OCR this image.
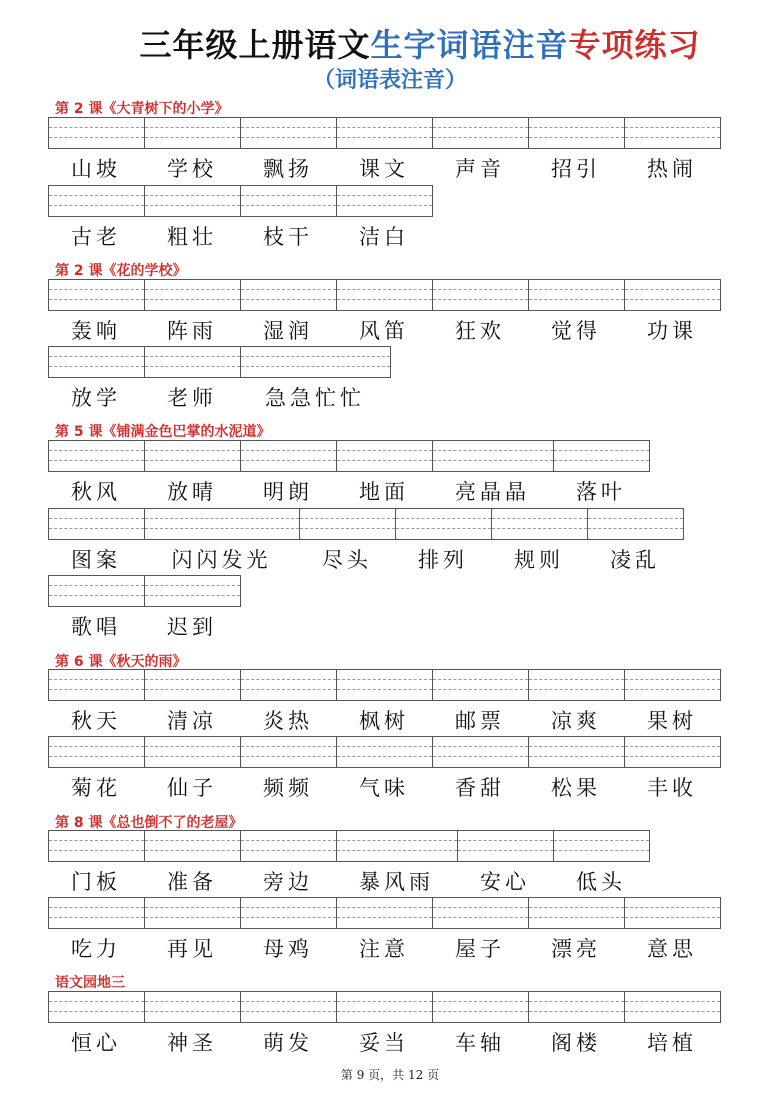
三年级上册语文生字词语注音专项练习
（词语表注音）
第 2 课《大青树下的小学》
山坡	学校	飘扬	课文	声音	招引	热闹
古老	粗壮	枝干	洁白
第 2 课《花的学校》
轰响	阵雨	湿润	风笛	狂欢	觉得	功课
放学	老师	急急忙忙
第 5 课《铺满金色巴掌的水泥道》
秋风	放晴	明朗	地面	亮晶晶	落叶
图案	闪闪发光	尽头	排列	规则	凌乱
歌唱	迟到
第 6 课《秋天的雨》
秋天	清凉	炎热	枫树	邮票	凉爽	果树
菊花	仙子	频频	气味	香甜	松果	丰收
第 8 课《总也倒不了的老屋》
门板	准备	旁边	暴风雨	安心	低头
吃力	再见	母鸡	注意	屋子	漂亮	意思
语文园地三
恒心	神圣	萌发	妥当	车轴	阁楼	培植
第 9 页，共 12 页
